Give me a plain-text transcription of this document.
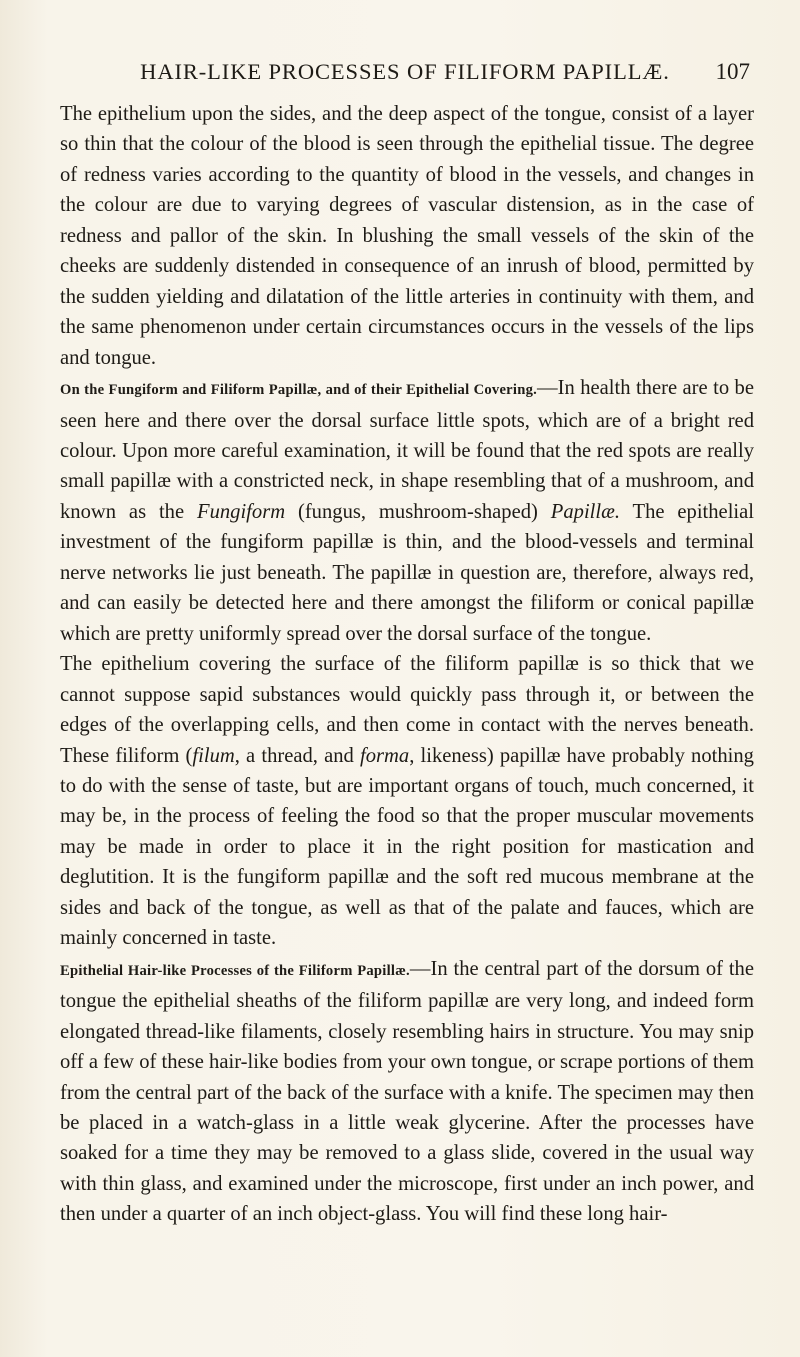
HAIR-LIKE PROCESSES OF FILIFORM PAPILLÆ.	107

The epithelium upon the sides, and the deep aspect of the tongue, consist of a layer so thin that the colour of the blood is seen through the epithelial tissue. The degree of redness varies according to the quantity of blood in the vessels, and changes in the colour are due to varying degrees of vascular distension, as in the case of redness and pallor of the skin. In blushing the small vessels of the skin of the cheeks are suddenly distended in consequence of an inrush of blood, permitted by the sudden yielding and dilatation of the little arteries in continuity with them, and the same phenomenon under certain circumstances occurs in the vessels of the lips and tongue.

On the Fungiform and Filiform Papillæ, and of their Epithelial Covering.—In health there are to be seen here and there over the dorsal surface little spots, which are of a bright red colour. Upon more careful examination, it will be found that the red spots are really small papillæ with a constricted neck, in shape resembling that of a mushroom, and known as the Fungiform (fungus, mushroom-shaped) Papillæ. The epithelial investment of the fungiform papillæ is thin, and the blood-vessels and terminal nerve networks lie just beneath. The papillæ in question are, therefore, always red, and can easily be detected here and there amongst the filiform or conical papillæ which are pretty uniformly spread over the dorsal surface of the tongue.

The epithelium covering the surface of the filiform papillæ is so thick that we cannot suppose sapid substances would quickly pass through it, or between the edges of the overlapping cells, and then come in contact with the nerves beneath. These filiform (filum, a thread, and forma, likeness) papillæ have probably nothing to do with the sense of taste, but are important organs of touch, much concerned, it may be, in the process of feeling the food so that the proper muscular movements may be made in order to place it in the right position for mastication and deglutition. It is the fungiform papillæ and the soft red mucous membrane at the sides and back of the tongue, as well as that of the palate and fauces, which are mainly concerned in taste.

Epithelial Hair-like Processes of the Filiform Papillæ.—In the central part of the dorsum of the tongue the epithelial sheaths of the filiform papillæ are very long, and indeed form elongated thread-like filaments, closely resembling hairs in structure. You may snip off a few of these hair-like bodies from your own tongue, or scrape portions of them from the central part of the back of the surface with a knife. The specimen may then be placed in a watch-glass in a little weak glycerine. After the processes have soaked for a time they may be removed to a glass slide, covered in the usual way with thin glass, and examined under the microscope, first under an inch power, and then under a quarter of an inch object-glass. You will find these long hair-
